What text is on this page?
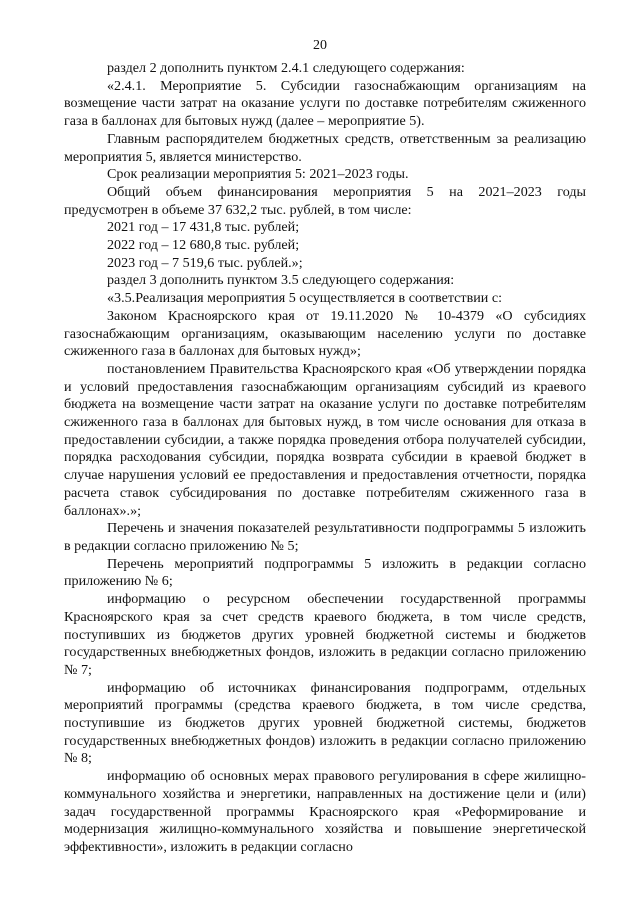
20

раздел 2 дополнить пунктом 2.4.1 следующего содержания:

«2.4.1. Мероприятие 5. Субсидии газоснабжающим организациям на возмещение части затрат на оказание услуги по доставке потребителям сжиженного газа в баллонах для бытовых нужд (далее – мероприятие 5).

Главным распорядителем бюджетных средств, ответственным за реализацию мероприятия 5, является министерство.

Срок реализации мероприятия 5: 2021–2023 годы.

Общий объем финансирования мероприятия 5 на 2021–2023 годы предусмотрен в объеме 37 632,2 тыс. рублей, в том числе:

2021 год – 17 431,8 тыс. рублей;

2022 год – 12 680,8 тыс. рублей;

2023 год – 7 519,6 тыс. рублей.»;

раздел 3 дополнить пунктом 3.5 следующего содержания:

«3.5.Реализация мероприятия 5 осуществляется в соответствии с:

Законом Красноярского края от 19.11.2020 № 10-4379 «О субсидиях газоснабжающим организациям, оказывающим населению услуги по доставке сжиженного газа в баллонах для бытовых нужд»;

постановлением Правительства Красноярского края «Об утверждении порядка и условий предоставления газоснабжающим организациям субсидий из краевого бюджета на возмещение части затрат на оказание услуги по доставке потребителям сжиженного газа в баллонах для бытовых нужд, в том числе основания для отказа в предоставлении субсидии, а также порядка проведения отбора получателей субсидии, порядка расходования субсидии, порядка возврата субсидии в краевой бюджет в случае нарушения условий ее предоставления и предоставления отчетности, порядка расчета ставок субсидирования по доставке потребителям сжиженного газа в баллонах».»;

Перечень и значения показателей результативности подпрограммы 5 изложить в редакции согласно приложению № 5;

Перечень мероприятий подпрограммы 5 изложить в редакции согласно приложению № 6;

информацию о ресурсном обеспечении государственной программы Красноярского края за счет средств краевого бюджета, в том числе средств, поступивших из бюджетов других уровней бюджетной системы и бюджетов государственных внебюджетных фондов, изложить в редакции согласно приложению № 7;

информацию об источниках финансирования подпрограмм, отдельных мероприятий программы (средства краевого бюджета, в том числе средства, поступившие из бюджетов других уровней бюджетной системы, бюджетов государственных внебюджетных фондов) изложить в редакции согласно приложению № 8;

информацию об основных мерах правового регулирования в сфере жилищно-коммунального хозяйства и энергетики, направленных на достижение цели и (или) задач государственной программы Красноярского края «Реформирование и модернизация жилищно-коммунального хозяйства и повышение энергетической эффективности», изложить в редакции согласно
